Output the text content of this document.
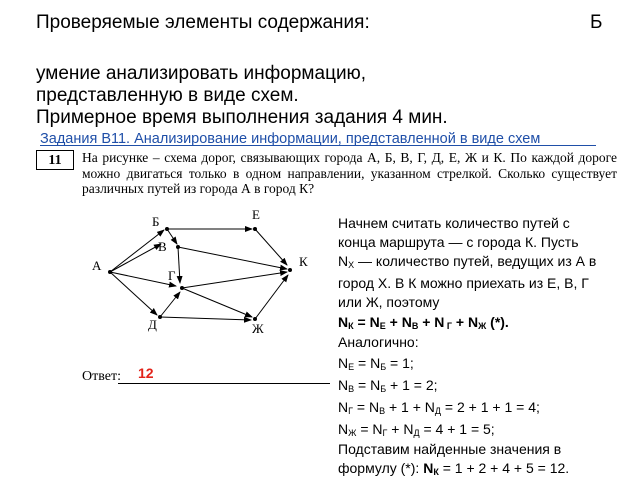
Проверяемые элементы содержания:	Б
умение анализировать информацию,
представленную в виде схем.
Примерное время выполнения задания 4 мин.
Задания В11. Анализирование информации, представленной в виде схем
11	На рисунке – схема дорог, связывающих города А, Б, В, Г, Д, Е, Ж и К. По каждой дороге можно двигаться только в одном направлении, указанном стрелкой. Сколько существует различных путей из города А в город К?
А
Б
В
Г
Д
Е
Ж
К
Ответ: 12
Начнем считать количество путей с
конца маршрута — с города К. Пусть
$N_X$ — количество путей, ведущих из А в
город Х. В К можно приехать из Е, В, Г
или Ж, поэтому
$N_К = N_Е + N_В + N$ $_Г + N_Ж$ (*).
Аналогично:
$N_Е = N_Б = 1$;
$N_В = N_Б + 1 = 2$;
$N_Г = N_В + 1 + N_Д = 2 + 1 + 1 = 4$;
$N_Ж = N_Г + N_Д = 4 + 1 = 5$;
Подставим найденные значения в
формулу (*): $N_К = 1 + 2 + 4 + 5 = 12$.
